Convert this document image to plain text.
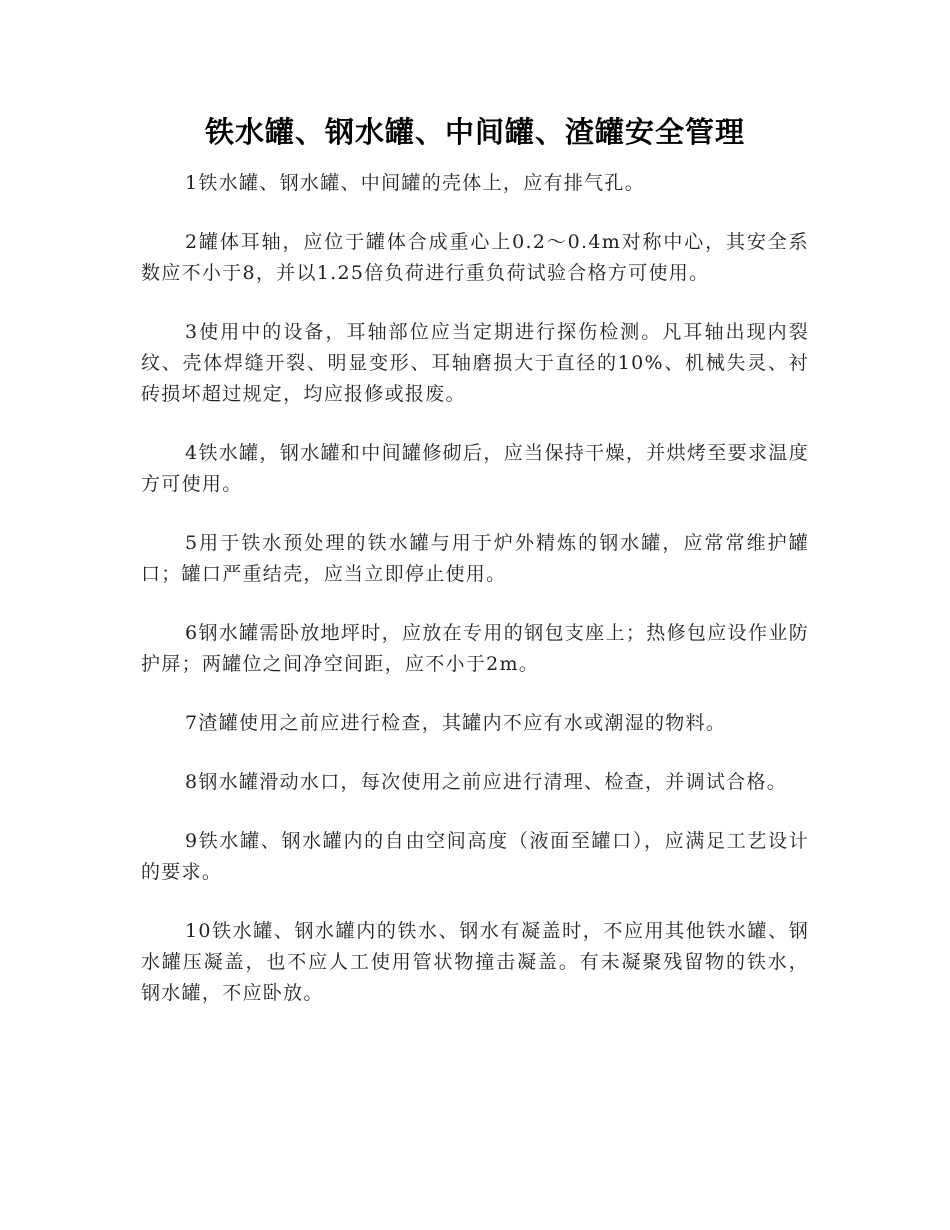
铁水罐、钢水罐、中间罐、渣罐安全管理

1铁水罐、钢水罐、中间罐的壳体上，应有排气孔。

2罐体耳轴，应位于罐体合成重心上0.2～0.4m对称中心，其安全系数应不小于8，并以1.25倍负荷进行重负荷试验合格方可使用。

3使用中的设备，耳轴部位应当定期进行探伤检测。凡耳轴出现内裂纹、壳体焊缝开裂、明显变形、耳轴磨损大于直径的10%、机械失灵、衬砖损坏超过规定，均应报修或报废。

4铁水罐，钢水罐和中间罐修砌后，应当保持干燥，并烘烤至要求温度方可使用。

5用于铁水预处理的铁水罐与用于炉外精炼的钢水罐，应常常维护罐口；罐口严重结壳，应当立即停止使用。

6钢水罐需卧放地坪时，应放在专用的钢包支座上；热修包应设作业防护屏；两罐位之间净空间距，应不小于2m。

7渣罐使用之前应进行检查，其罐内不应有水或潮湿的物料。

8钢水罐滑动水口，每次使用之前应进行清理、检查，并调试合格。

9铁水罐、钢水罐内的自由空间高度（液面至罐口），应满足工艺设计的要求。

10铁水罐、钢水罐内的铁水、钢水有凝盖时，不应用其他铁水罐、钢水罐压凝盖，也不应人工使用管状物撞击凝盖。有未凝聚残留物的铁水，钢水罐，不应卧放。
